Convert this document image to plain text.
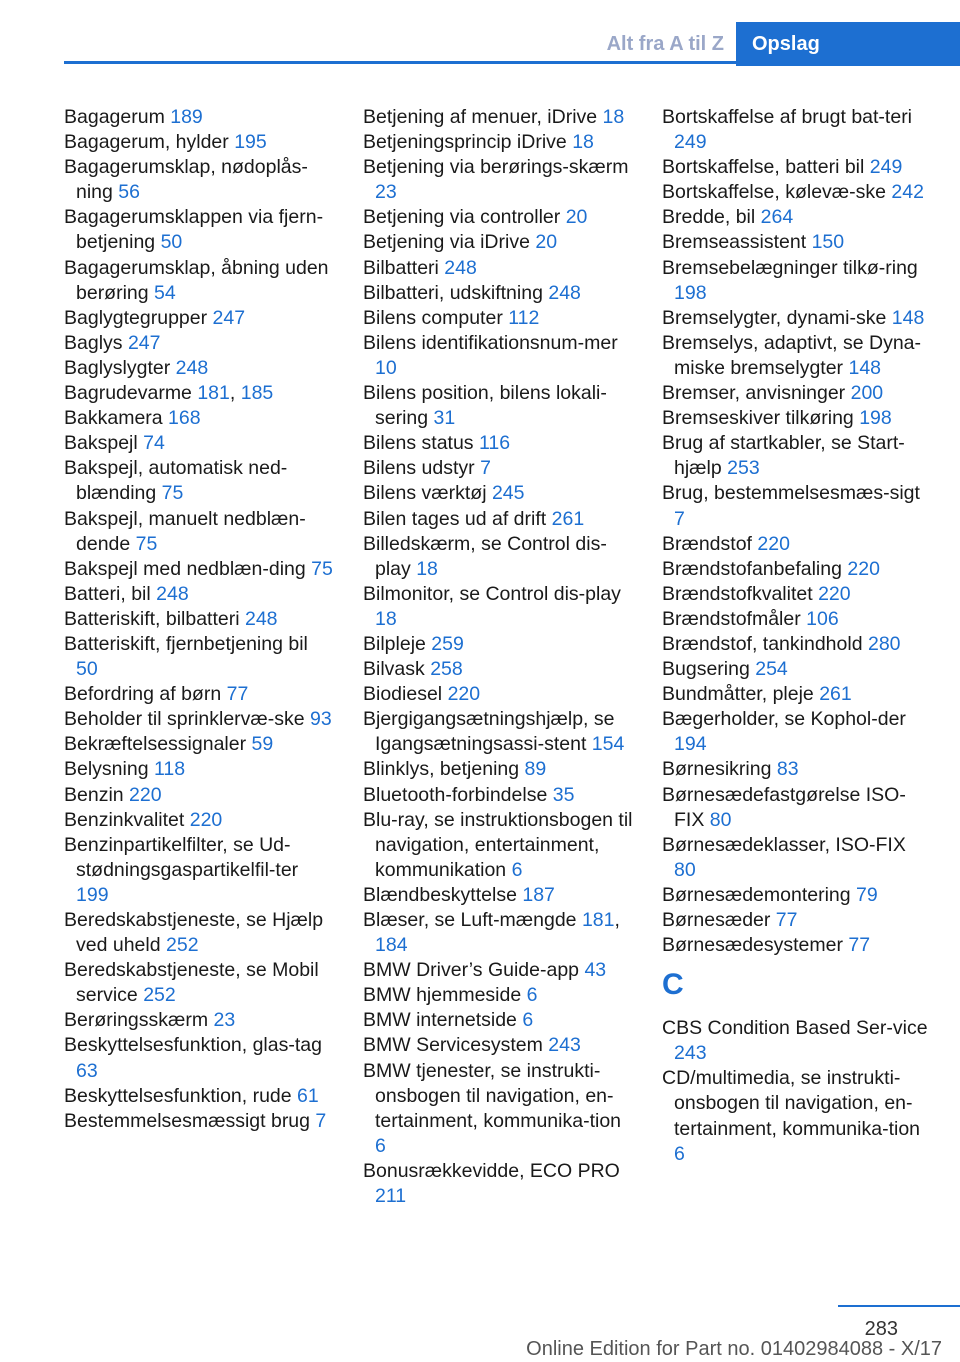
Alt fra A til Z	Opslag
Bagagerum 189
Bagagerum, hylder 195
Bagagerumsklap, nødoplås-ning 56
Bagagerumsklappen via fjern-betjening 50
Bagagerumsklap, åbning uden berøring 54
Baglygtegrupper 247
Baglys 247
Baglyslygter 248
Bagrudevarme 181, 185
Bakkamera 168
Bakspejl 74
Bakspejl, automatisk ned-blænding 75
Bakspejl, manuelt nedblæn-dende 75
Bakspejl med nedblæn-ding 75
Batteri, bil 248
Batteriskift, bilbatteri 248
Batteriskift, fjernbetjening bil 50
Befordring af børn 77
Beholder til sprinklervæ-ske 93
Bekræftelsessignaler 59
Belysning 118
Benzin 220
Benzinkvalitet 220
Benzinpartikelfilter, se Ud-stødningsgaspartikelfil-ter 199
Beredskabstjeneste, se Hjælp ved uheld 252
Beredskabstjeneste, se Mobil service 252
Berøringsskærm 23
Beskyttelsesfunktion, glas-tag 63
Beskyttelsesfunktion, rude 61
Bestemmelsesmæssigt brug 7
Betjening af menuer, iDrive 18
Betjeningsprincip iDrive 18
Betjening via berørings-skærm 23
Betjening via controller 20
Betjening via iDrive 20
Bilbatteri 248
Bilbatteri, udskiftning 248
Bilens computer 112
Bilens identifikationsnum-mer 10
Bilens position, bilens lokali-sering 31
Bilens status 116
Bilens udstyr 7
Bilens værktøj 245
Bilen tages ud af drift 261
Billedskærm, se Control dis-play 18
Bilmonitor, se Control dis-play 18
Bilpleje 259
Bilvask 258
Biodiesel 220
Bjergigangsætningshjælp, se Igangsætningsassi-stent 154
Blinklys, betjening 89
Bluetooth-forbindelse 35
Blu-ray, se instruktionsbogen til navigation, entertainment, kommunikation 6
Blændbeskyttelse 187
Blæser, se Luft-mængde 181, 184
BMW Driver’s Guide-app 43
BMW hjemmeside 6
BMW internetside 6
BMW Servicesystem 243
BMW tjenester, se instrukti-onsbogen til navigation, en-tertainment, kommunika-tion 6
Bonusrækkevidde, ECO PRO 211
Bortskaffelse af brugt bat-teri 249
Bortskaffelse, batteri bil 249
Bortskaffelse, kølevæ-ske 242
Bredde, bil 264
Bremseassistent 150
Bremsebelægninger tilkø-ring 198
Bremselygter, dynami-ske 148
Bremselys, adaptivt, se Dyna-miske bremselygter 148
Bremser, anvisninger 200
Bremseskiver tilkøring 198
Brug af startkabler, se Start-hjælp 253
Brug, bestemmelsesmæs-sigt 7
Brændstof 220
Brændstofanbefaling 220
Brændstofkvalitet 220
Brændstofmåler 106
Brændstof, tankindhold 280
Bugsering 254
Bundmåtter, pleje 261
Bægerholder, se Kophol-der 194
Børnesikring 83
Børnesædefastgørelse ISO-FIX 80
Børnesædeklasser, ISO-FIX 80
Børnesædemontering 79
Børnesæder 77
Børnesædesystemer 77
C
CBS Condition Based Ser-vice 243
CD/multimedia, se instrukti-onsbogen til navigation, en-tertainment, kommunika-tion 6
283
Online Edition for Part no. 01402984088 - X/17
